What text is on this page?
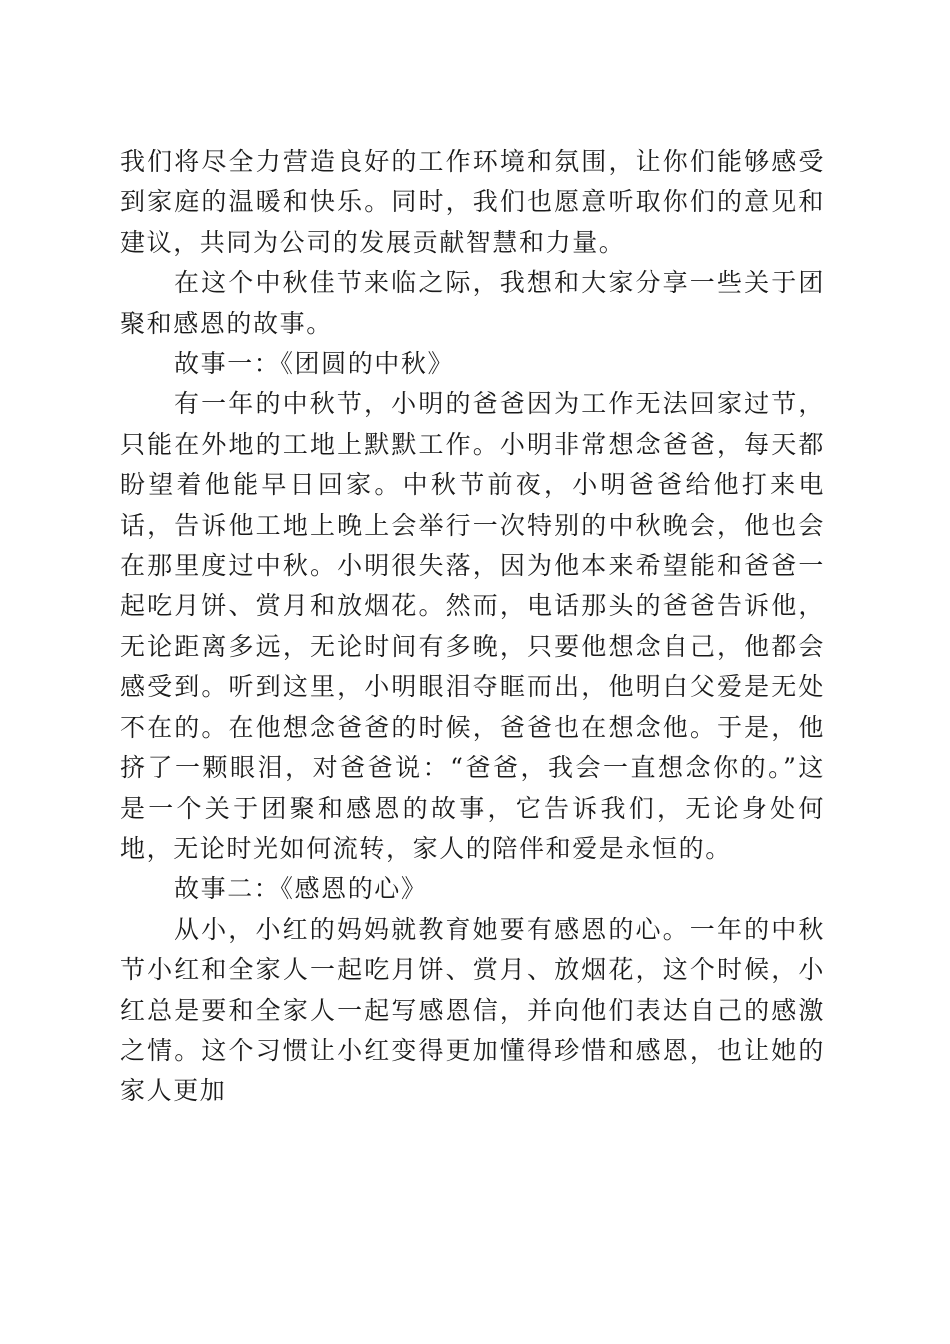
我们将尽全力营造良好的工作环境和氛围，让你们能够感受到家庭的温暖和快乐。同时，我们也愿意听取你们的意见和建议，共同为公司的发展贡献智慧和力量。

在这个中秋佳节来临之际，我想和大家分享一些关于团聚和感恩的故事。

故事一：《团圆的中秋》

有一年的中秋节，小明的爸爸因为工作无法回家过节，只能在外地的工地上默默工作。小明非常想念爸爸，每天都盼望着他能早日回家。中秋节前夜，小明爸爸给他打来电话，告诉他工地上晚上会举行一次特别的中秋晚会，他也会在那里度过中秋。小明很失落，因为他本来希望能和爸爸一起吃月饼、赏月和放烟花。然而，电话那头的爸爸告诉他，无论距离多远，无论时间有多晚，只要他想念自己，他都会感受到。听到这里，小明眼泪夺眶而出，他明白父爱是无处不在的。在他想念爸爸的时候，爸爸也在想念他。于是，他挤了一颗眼泪，对爸爸说：“爸爸，我会一直想念你的。”这是一个关于团聚和感恩的故事，它告诉我们，无论身处何地，无论时光如何流转，家人的陪伴和爱是永恒的。

故事二：《感恩的心》

从小，小红的妈妈就教育她要有感恩的心。一年的中秋节小红和全家人一起吃月饼、赏月、放烟花，这个时候，小红总是要和全家人一起写感恩信，并向他们表达自己的感激之情。这个习惯让小红变得更加懂得珍惜和感恩，也让她的家人更加
